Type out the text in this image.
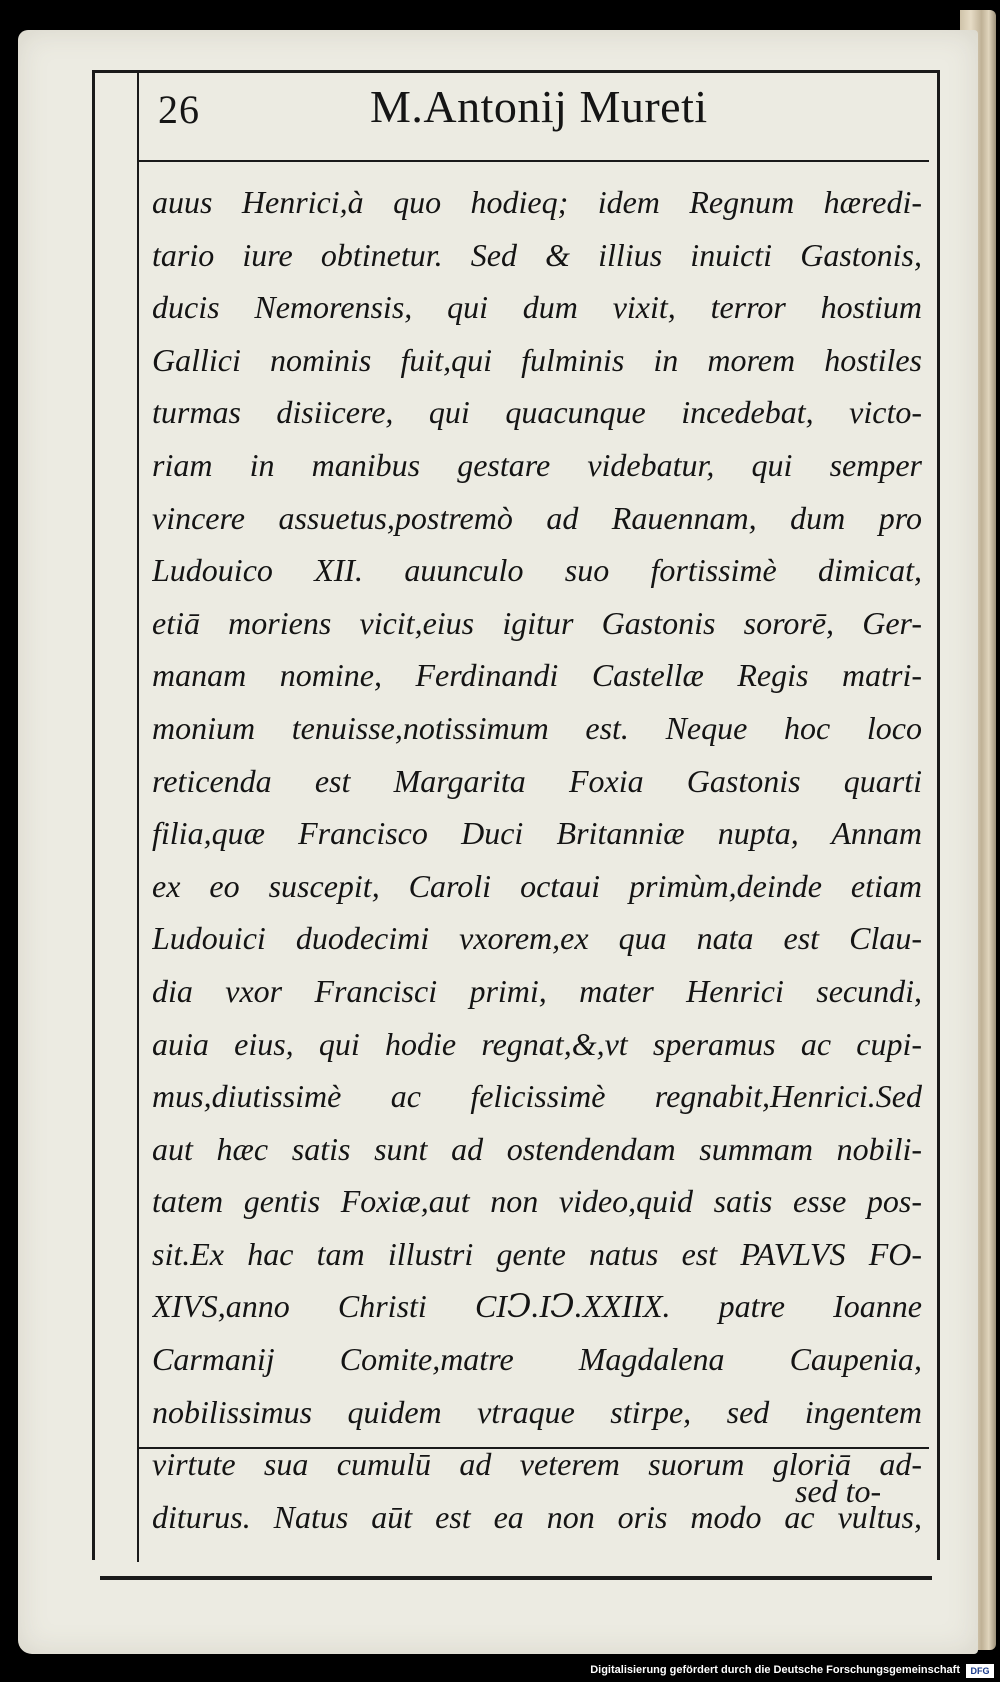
26	M.Antonij Mureti
auus Henrici,à quo hodieq; idem Regnum hæredi-
tario iure obtinetur. Sed & illius inuicti Gastonis,
ducis Nemorensis, qui dum vixit, terror hostium
Gallici nominis fuit,qui fulminis in morem hostiles
turmas disiicere, qui quacunque incedebat, victo-
riam in manibus gestare videbatur, qui semper
vincere assuetus,postremò ad Rauennam, dum pro
Ludouico XII. auunculo suo fortissimè dimicat,
etiā moriens vicit,eius igitur Gastonis sororē, Ger-
manam nomine, Ferdinandi Castellæ Regis matri-
monium tenuisse,notissimum est. Neque hoc loco
reticenda est Margarita Foxia Gastonis quarti
filia,quæ Francisco Duci Britanniæ nupta, Annam
ex eo suscepit, Caroli octaui primùm,deinde etiam
Ludouici duodecimi vxorem,ex qua nata est Clau-
dia vxor Francisci primi, mater Henrici secundi,
auia eius, qui hodie regnat,&,vt speramus ac cupi-
mus,diutissimè ac felicissimè regnabit,Henrici.Sed
aut hæc satis sunt ad ostendendam summam nobili-
tatem gentis Foxiæ,aut non video,quid satis esse pos-
sit.Ex hac tam illustri gente natus est PAVLVS FO-
XIVS,anno Christi CIↃ.IↃ.XXIIX. patre Ioanne
Carmanij Comite,matre Magdalena Caupenia,
nobilissimus quidem vtraque stirpe, sed ingentem
virtute sua cumulū ad veterem suorum gloriā ad-
diturus. Natus aūt est ea non oris modo ac vultus,
sed to-
Digitalisierung gefördert durch die Deutsche Forschungsgemeinschaft	DFG
